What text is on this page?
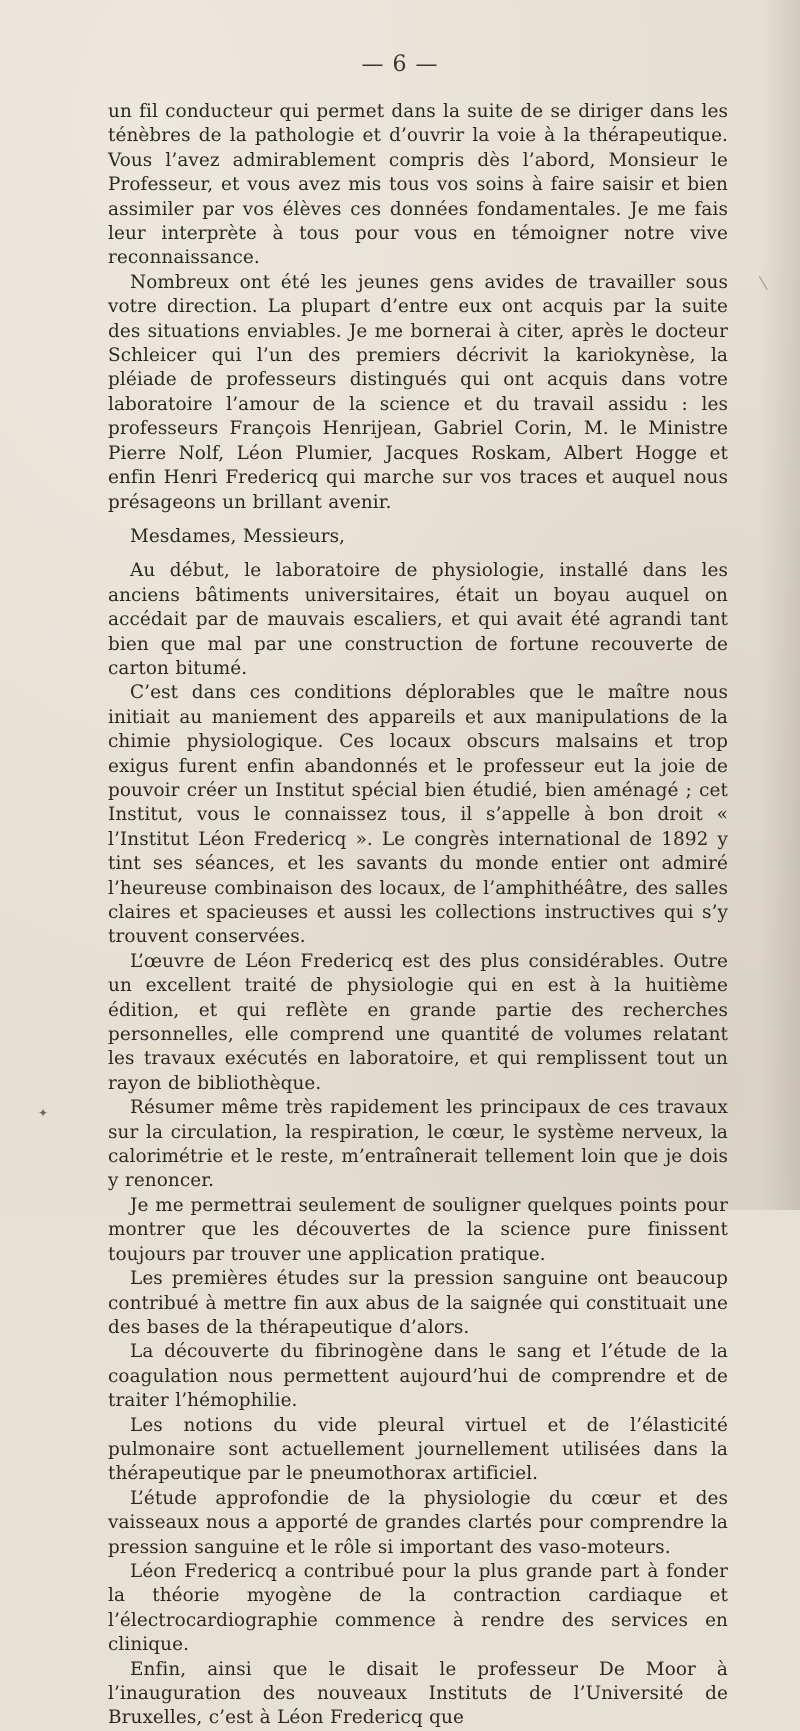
✦
— 6 —

un fil conducteur qui permet dans la suite de se diriger dans les ténèbres de la pathologie et d’ouvrir la voie à la thérapeutique. Vous l’avez admirablement compris dès l’abord, Monsieur le Professeur, et vous avez mis tous vos soins à faire saisir et bien assimiler par vos élèves ces données fondamentales. Je me fais leur interprète à tous pour vous en témoigner notre vive reconnaissance.

Nombreux ont été les jeunes gens avides de travailler sous votre direction. La plupart d’entre eux ont acquis par la suite des situations enviables. Je me bornerai à citer, après le docteur Schleicer qui l’un des premiers décrivit la kariokynèse, la pléiade de professeurs distingués qui ont acquis dans votre laboratoire l’amour de la science et du travail assidu : les professeurs François Henrijean, Gabriel Corin, M. le Ministre Pierre Nolf, Léon Plumier, Jacques Roskam, Albert Hogge et enfin Henri Fredericq qui marche sur vos traces et auquel nous présageons un brillant avenir.

Mesdames, Messieurs,

Au début, le laboratoire de physiologie, installé dans les anciens bâtiments universitaires, était un boyau auquel on accédait par de mauvais escaliers, et qui avait été agrandi tant bien que mal par une construction de fortune recouverte de carton bitumé.

C’est dans ces conditions déplorables que le maître nous initiait au maniement des appareils et aux manipulations de la chimie physiologique. Ces locaux obscurs malsains et trop exigus furent enfin abandonnés et le professeur eut la joie de pouvoir créer un Institut spécial bien étudié, bien aménagé ; cet Institut, vous le connaissez tous, il s’appelle à bon droit « l’Institut Léon Fredericq ». Le congrès international de 1892 y tint ses séances, et les savants du monde entier ont admiré l’heureuse combinaison des locaux, de l’amphithéâtre, des salles claires et spacieuses et aussi les collections instructives qui s’y trouvent conservées.

L’œuvre de Léon Fredericq est des plus considérables. Outre un excellent traité de physiologie qui en est à la huitième édition, et qui reflète en grande partie des recherches personnelles, elle comprend une quantité de volumes relatant les travaux exécutés en laboratoire, et qui remplissent tout un rayon de bibliothèque.

Résumer même très rapidement les principaux de ces travaux sur la circulation, la respiration, le cœur, le système nerveux, la calorimétrie et le reste, m’entraînerait tellement loin que je dois y renoncer.

Je me permettrai seulement de souligner quelques points pour montrer que les découvertes de la science pure finissent toujours par trouver une application pratique.

Les premières études sur la pression sanguine ont beaucoup contribué à mettre fin aux abus de la saignée qui constituait une des bases de la thérapeutique d’alors.

La découverte du fibrinogène dans le sang et l’étude de la coagulation nous permettent aujourd’hui de comprendre et de traiter l’hémophilie.

Les notions du vide pleural virtuel et de l’élasticité pulmonaire sont actuellement journellement utilisées dans la thérapeutique par le pneumothorax artificiel.

L’étude approfondie de la physiologie du cœur et des vaisseaux nous a apporté de grandes clartés pour comprendre la pression sanguine et le rôle si important des vaso-moteurs.

Léon Fredericq a contribué pour la plus grande part à fonder la théorie myogène de la contraction cardiaque et l’électrocardiographie commence à rendre des services en clinique.

Enfin, ainsi que le disait le professeur De Moor à l’inauguration des nouveaux Instituts de l’Université de Bruxelles, c’est à Léon Fredericq que
